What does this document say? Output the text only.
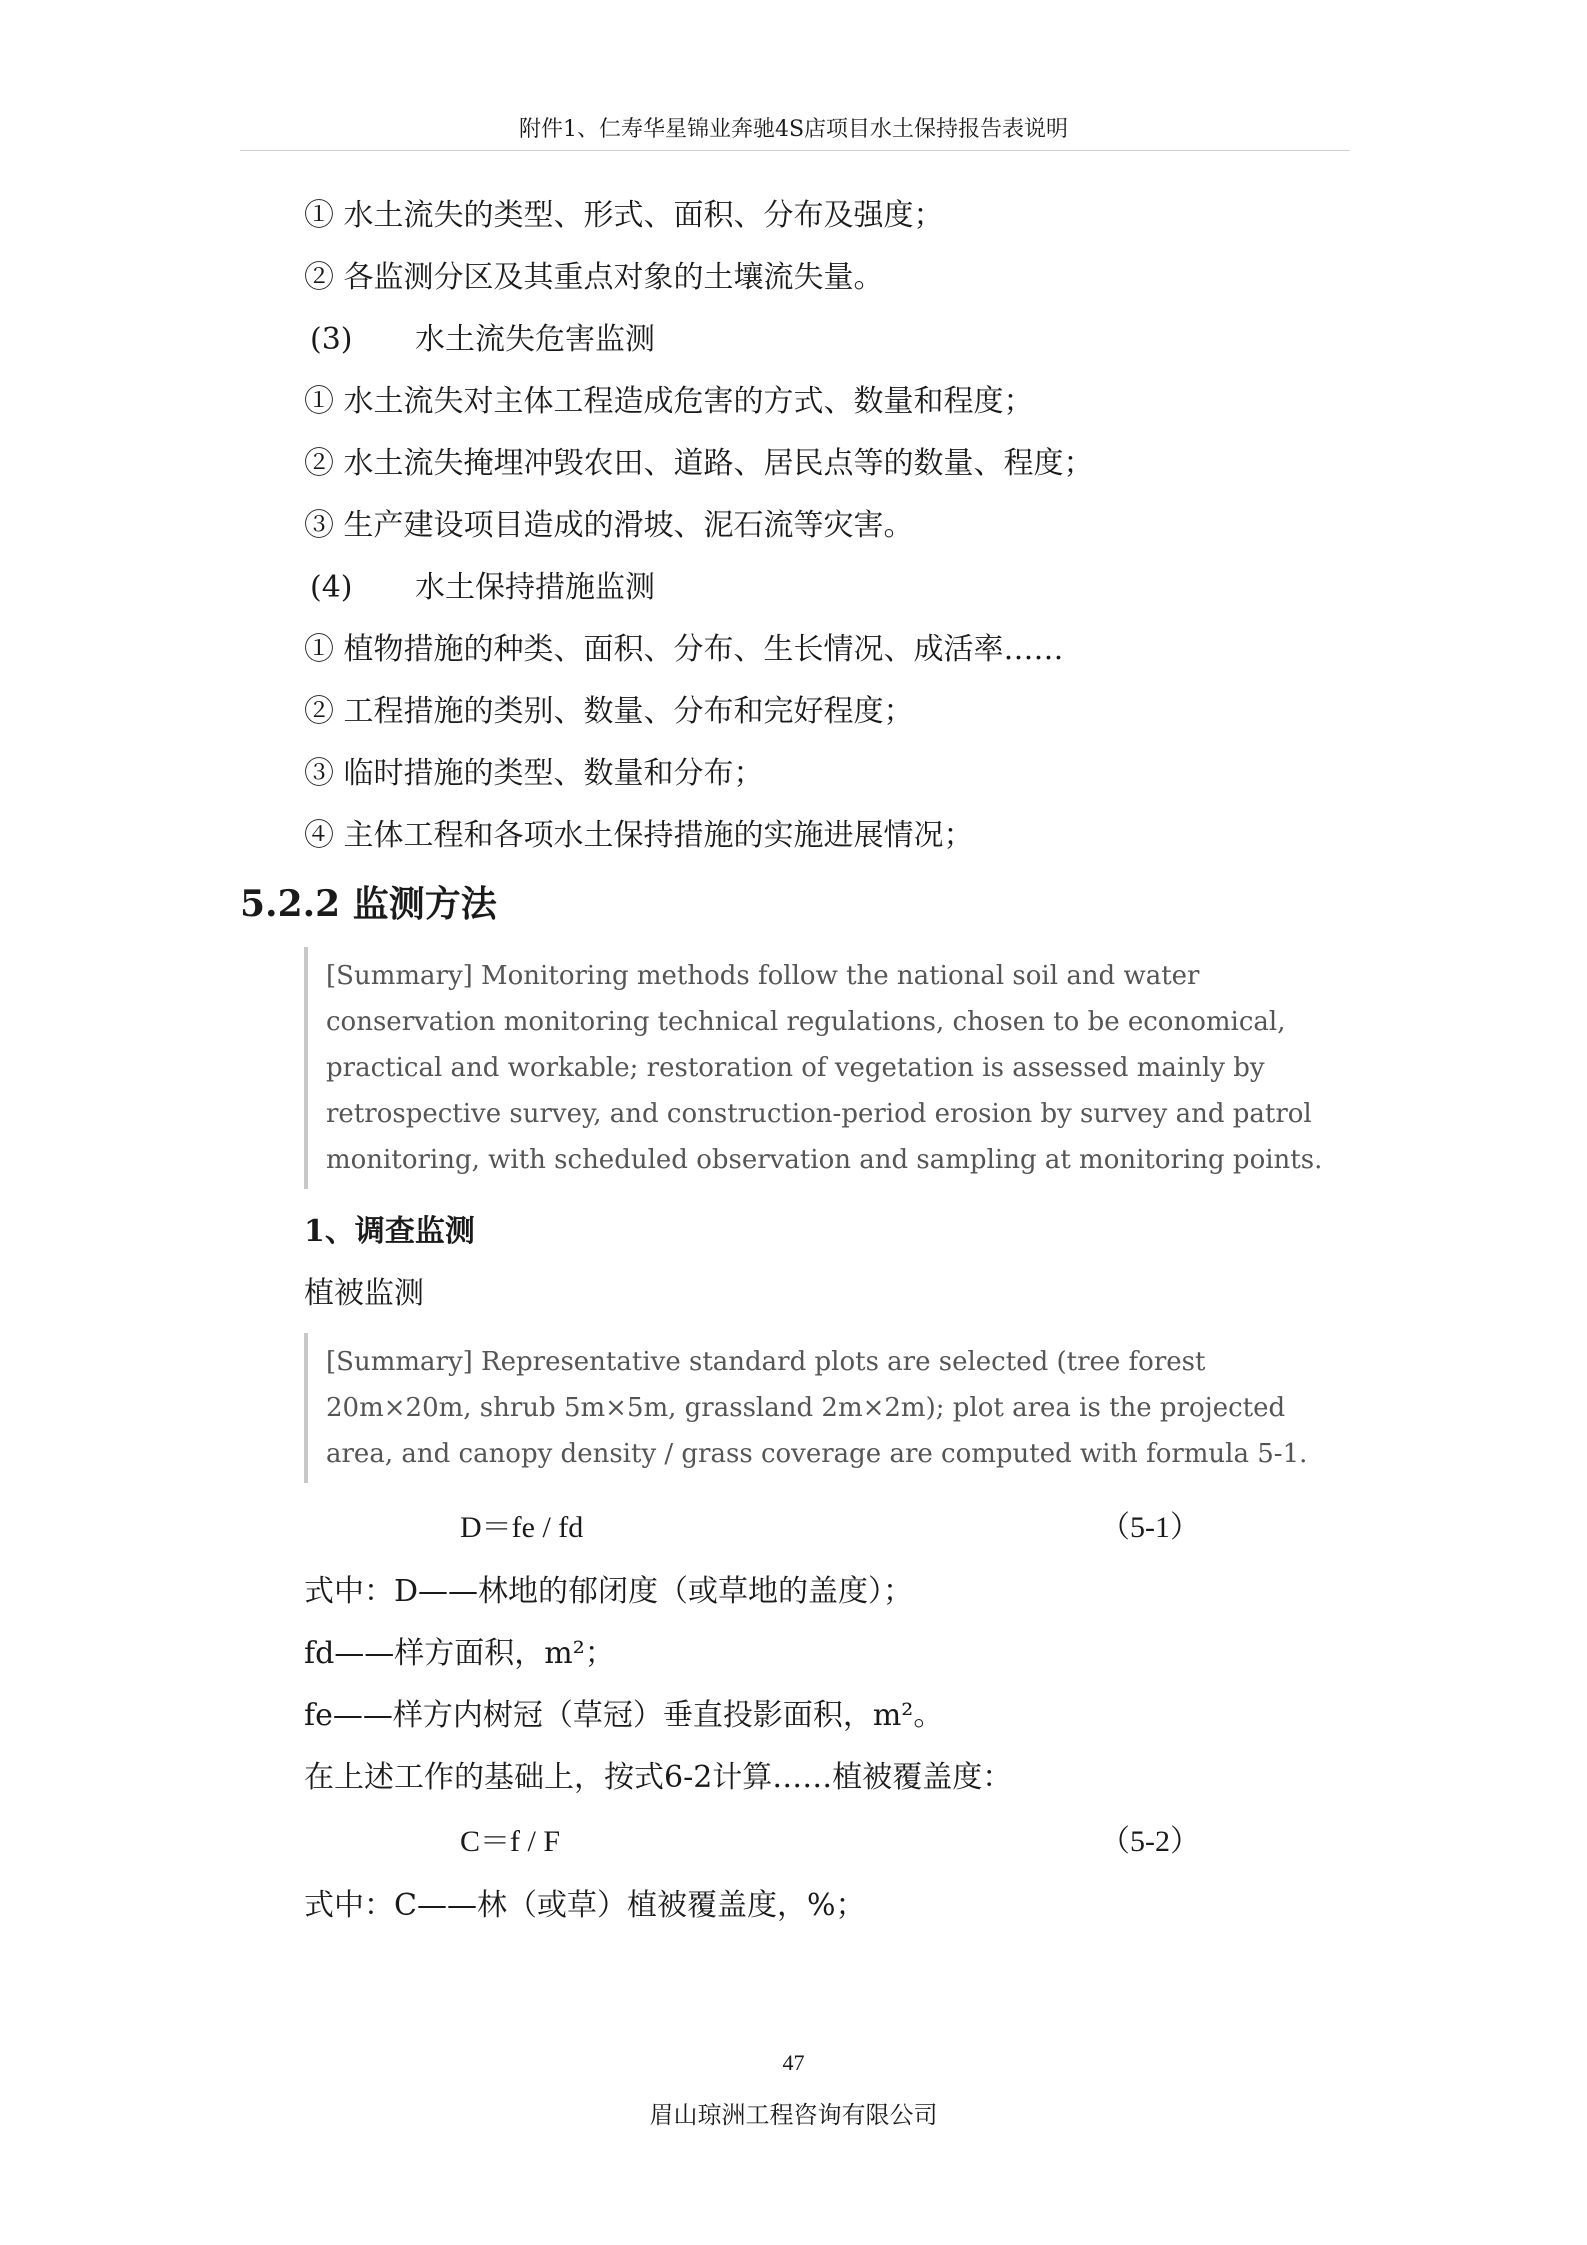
附件1、仁寿华星锦业奔驰4S店项目水土保持报告表说明
① 水土流失的类型、形式、面积、分布及强度；
② 各监测分区及其重点对象的土壤流失量。
(3) 水土流失危害监测
① 水土流失对主体工程造成危害的方式、数量和程度；
② 水土流失掩埋冲毁农田、道路、居民点等的数量、程度；
③ 生产建设项目造成的滑坡、泥石流等灾害。
(4) 水土保持措施监测
① 植物措施的种类、面积、分布、生长情况、成活率……
② 工程措施的类别、数量、分布和完好程度；
③ 临时措施的类型、数量和分布；
④ 主体工程和各项水土保持措施的实施进展情况；
5.2.2 监测方法
[Summary] Monitoring methods follow the national soil and water conservation monitoring technical regulations, chosen to be economical, practical and workable; restoration of vegetation is assessed mainly by retrospective survey, and construction-period erosion by survey and patrol monitoring, with scheduled observation and sampling at monitoring points.
1、调查监测
植被监测
[Summary] Representative standard plots are selected (tree forest 20m×20m, shrub 5m×5m, grassland 2m×2m); plot area is the projected area, and canopy density / grass coverage are computed with formula 5-1.
D＝fe / fd	（5-1）
式中：D——林地的郁闭度（或草地的盖度）；
fd——样方面积，m²；
fe——样方内树冠（草冠）垂直投影面积，m²。
在上述工作的基础上，按式6-2计算……植被覆盖度：
C＝f / F	（5-2）
式中：C——林（或草）植被覆盖度，%；
47
眉山琼洲工程咨询有限公司
